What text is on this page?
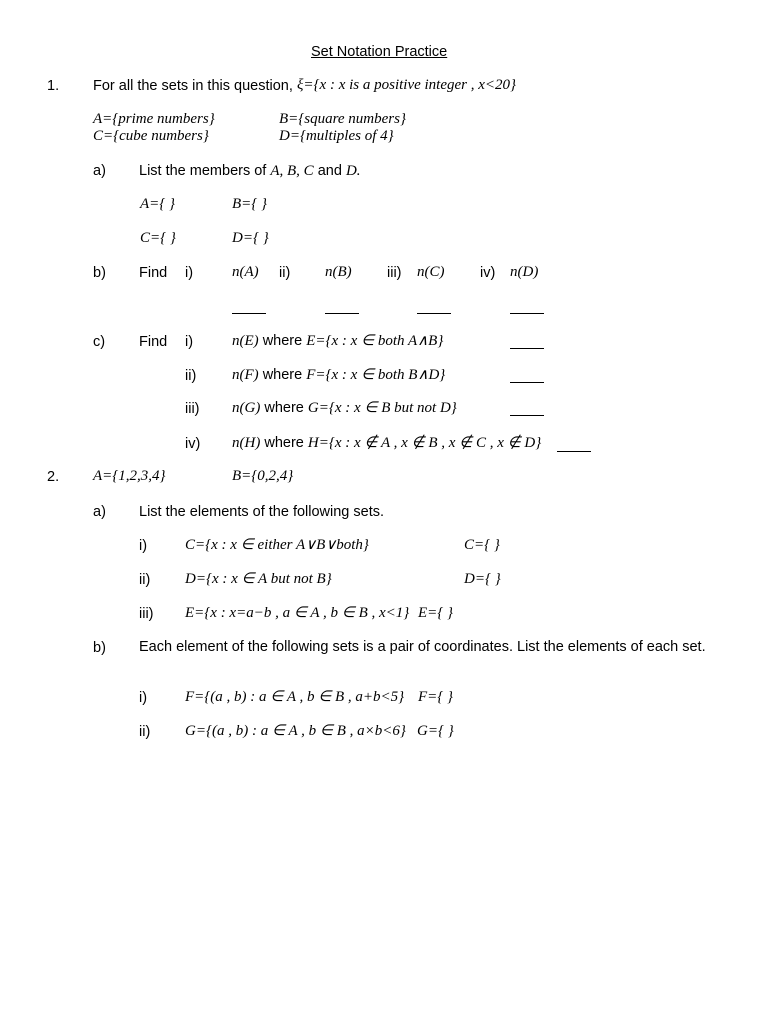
Set Notation Practice
1. For all the sets in this question, ξ={x : x is a positive integer , x<20}
A={prime numbers}	B={square numbers}
C={cube numbers}	D={multiples of 4}
a) List the members of A, B, C and D.
A={ }	B={ }
C={ }	D={ }
b) Find i)	n(A) ii) n(B) iii) n(C) iv) n(D)
c) Find i)	n(E) where E={x : x ∈ both A∧B}
ii) n(F) where F={x : x ∈ both B∧D}
iii) n(G) where G={x : x ∈ B but not D}
iv) n(H) where H={x : x ∉ A , x ∉ B , x ∉ C , x ∉ D}
2. A={1,2,3,4}	B={0,2,4}
a) List the elements of the following sets.
i)	C={x : x ∈ either A∨B∨both}	C={ }
ii) D={x : x ∈ A but not B}	D={ }
iii) E={x : x=a−b , a ∈ A , b ∈ B , x<1} E={ }
b) Each element of the following sets is a pair of coordinates. List the elements of each set.
i)	F={(a , b) : a ∈ A , b ∈ B , a+b<5} F={ }
ii) G={(a , b) : a ∈ A , b ∈ B , a×b<6} G={ }
